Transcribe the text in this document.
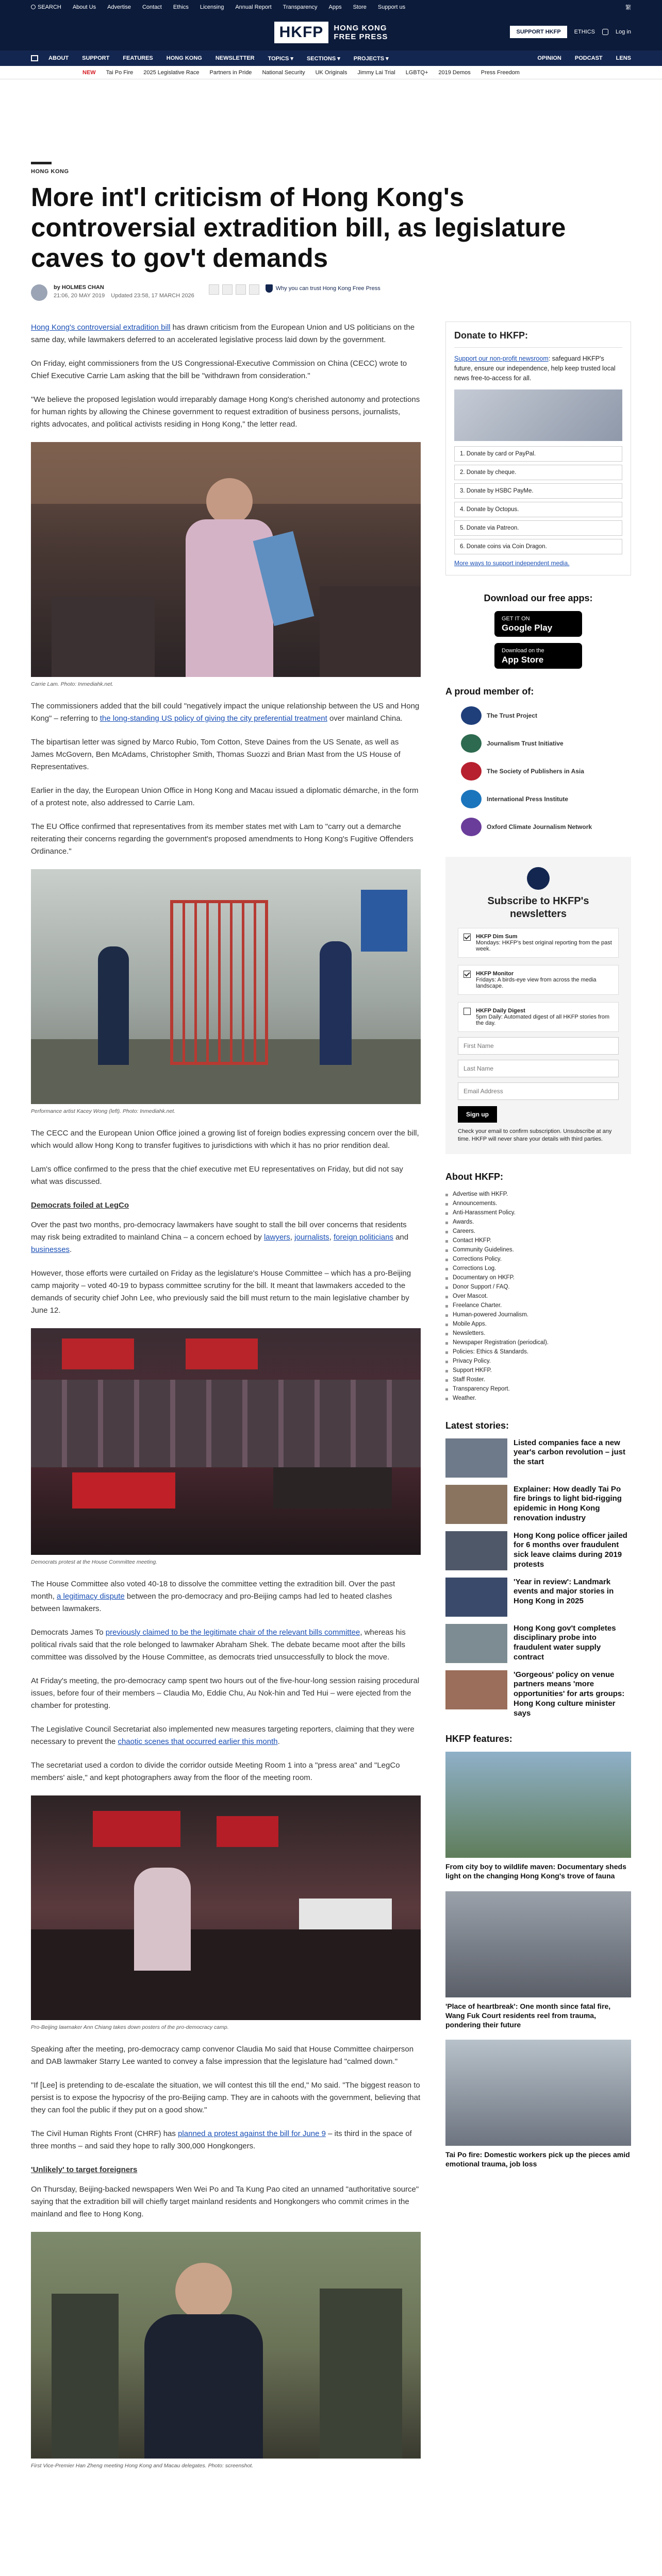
SEARCH About Us Advertise Contact Ethics Licensing Annual Report Transparency Apps Store Support us	繁
HKFP	HONG KONG
FREE PRESS
SUPPORT HKFP	ETHICS	Log in
ABOUT SUPPORT FEATURES HONG KONG NEWSLETTER TOPICS ▾ SECTIONS ▾ PROJECTS ▾	OPINION PODCAST LENS
NEW Tai Po Fire 2025 Legislative Race Partners in Pride National Security UK Originals Jimmy Lai Trial LGBTQ+ 2019 Demos Press Freedom
HONG KONG
More int'l criticism of Hong Kong's controversial extradition bill, as legislature caves to gov't demands
by HOLMES CHAN
21:06, 20 MAY 2019 Updated 23:58, 17 MARCH 2026
Why you can trust Hong Kong Free Press

Hong Kong's controversial extradition bill has drawn criticism from the European Union and US politicians on the same day, while lawmakers deferred to an accelerated legislative process laid down by the government.

On Friday, eight commissioners from the US Congressional-Executive Commission on China (CECC) wrote to Chief Executive Carrie Lam asking that the bill be "withdrawn from consideration."

"We believe the proposed legislation would irreparably damage Hong Kong's cherished autonomy and protections for human rights by allowing the Chinese government to request extradition of business persons, journalists, rights advocates, and political activists residing in Hong Kong," the letter read.

Carrie Lam. Photo: Inmediahk.net.

The commissioners added that the bill could "negatively impact the unique relationship between the US and Hong Kong" – referring to the long-standing US policy of giving the city preferential treatment over mainland China.

The bipartisan letter was signed by Marco Rubio, Tom Cotton, Steve Daines from the US Senate, as well as James McGovern, Ben McAdams, Christopher Smith, Thomas Suozzi and Brian Mast from the US House of Representatives.

Earlier in the day, the European Union Office in Hong Kong and Macau issued a diplomatic démarche, in the form of a protest note, also addressed to Carrie Lam.

The EU Office confirmed that representatives from its member states met with Lam to "carry out a demarche reiterating their concerns regarding the government's proposed amendments to Hong Kong's Fugitive Offenders Ordinance."

Performance artist Kacey Wong (left). Photo: Inmediahk.net.

The CECC and the European Union Office joined a growing list of foreign bodies expressing concern over the bill, which would allow Hong Kong to transfer fugitives to jurisdictions with which it has no prior rendition deal.

Lam's office confirmed to the press that the chief executive met EU representatives on Friday, but did not say what was discussed.

Democrats foiled at LegCo

Over the past two months, pro-democracy lawmakers have sought to stall the bill over concerns that residents may risk being extradited to mainland China – a concern echoed by lawyers, journalists, foreign politicians and businesses.

However, those efforts were curtailed on Friday as the legislature's House Committee – which has a pro-Beijing camp majority – voted 40-19 to bypass committee scrutiny for the bill. It meant that lawmakers acceded to the demands of security chief John Lee, who previously said the bill must return to the main legislative chamber by June 12.

Democrats protest at the House Committee meeting.

The House Committee also voted 40-18 to dissolve the committee vetting the extradition bill. Over the past month, a legitimacy dispute between the pro-democracy and pro-Beijing camps had led to heated clashes between lawmakers.

Democrats James To previously claimed to be the legitimate chair of the relevant bills committee, whereas his political rivals said that the role belonged to lawmaker Abraham Shek. The debate became moot after the bills committee was dissolved by the House Committee, as democrats tried unsuccessfully to block the move.

At Friday's meeting, the pro-democracy camp spent two hours out of the five-hour-long session raising procedural issues, before four of their members – Claudia Mo, Eddie Chu, Au Nok-hin and Ted Hui – were ejected from the chamber for protesting.

The Legislative Council Secretariat also implemented new measures targeting reporters, claiming that they were necessary to prevent the chaotic scenes that occurred earlier this month.

The secretariat used a cordon to divide the corridor outside Meeting Room 1 into a "press area" and "LegCo members' aisle," and kept photographers away from the floor of the meeting room.

Pro-Beijing lawmaker Ann Chiang takes down posters of the pro-democracy camp.

Speaking after the meeting, pro-democracy camp convenor Claudia Mo said that House Committee chairperson and DAB lawmaker Starry Lee wanted to convey a false impression that the legislature had "calmed down."

"If [Lee] is pretending to de-escalate the situation, we will contest this till the end," Mo said. "The biggest reason to persist is to expose the hypocrisy of the pro-Beijing camp. They are in cahoots with the government, believing that they can fool the public if they put on a good show."

The Civil Human Rights Front (CHRF) has planned a protest against the bill for June 9 – its third in the space of three months – and said they hope to rally 300,000 Hongkongers.

'Unlikely' to target foreigners

On Thursday, Beijing-backed newspapers Wen Wei Po and Ta Kung Pao cited an unnamed "authoritative source" saying that the extradition bill will chiefly target mainland residents and Hongkongers who commit crimes in the mainland and flee to Hong Kong.

First Vice-Premier Han Zheng meeting Hong Kong and Macau delegates. Photo: screenshot.
Donate to HKFP:
Support our non-profit newsroom: safeguard HKFP's future, ensure our independence, help keep trusted local news free-to-access for all.
1. Donate by card or PayPal.
2. Donate by cheque.
3. Donate by HSBC PayMe.
4. Donate by Octopus.
5. Donate via Patreon.
6. Donate coins via Coin Dragon.
More ways to support independent media.
Download our free apps:
GET IT ON
Google Play
Download on the
App Store
A proud member of:
The Trust Project
Journalism Trust Initiative
The Society of Publishers in Asia
International Press Institute
Oxford Climate Journalism Network
Subscribe to HKFP's newsletters
HKFP Dim Sum
Mondays: HKFP's best original reporting from the past week.
HKFP Monitor
Fridays: A birds-eye view from across the media landscape.
HKFP Daily Digest
5pm Daily: Automated digest of all HKFP stories from the day.
First Name Last Name Email Address Sign up
Check your email to confirm subscription. Unsubscribe at any time. HKFP will never share your details with third parties.
About HKFP:
Advertise with HKFP.
Announcements.
Anti-Harassment Policy.
Awards.
Careers.
Contact HKFP.
Community Guidelines.
Corrections Policy.
Corrections Log.
Documentary on HKFP.
Donor Support / FAQ.
Over Mascot.
Freelance Charter.
Human-powered Journalism.
Mobile Apps.
Newsletters.
Newspaper Registration (periodical).
Policies: Ethics & Standards.
Privacy Policy.
Support HKFP.
Staff Roster.
Transparency Report.
Weather.
Latest stories:
Listed companies face a new year's carbon revolution – just the start
Explainer: How deadly Tai Po fire brings to light bid-rigging epidemic in Hong Kong renovation industry
Hong Kong police officer jailed for 6 months over fraudulent sick leave claims during 2019 protests
'Year in review': Landmark events and major stories in Hong Kong in 2025
Hong Kong gov't completes disciplinary probe into fraudulent water supply contract
'Gorgeous' policy on venue partners means 'more opportunities' for arts groups: Hong Kong culture minister says
HKFP features:
From city boy to wildlife maven: Documentary sheds light on the changing Hong Kong's trove of fauna
'Place of heartbreak': One month since fatal fire, Wang Fuk Court residents reel from trauma, pondering their future
Tai Po fire: Domestic workers pick up the pieces amid emotional trauma, job loss
